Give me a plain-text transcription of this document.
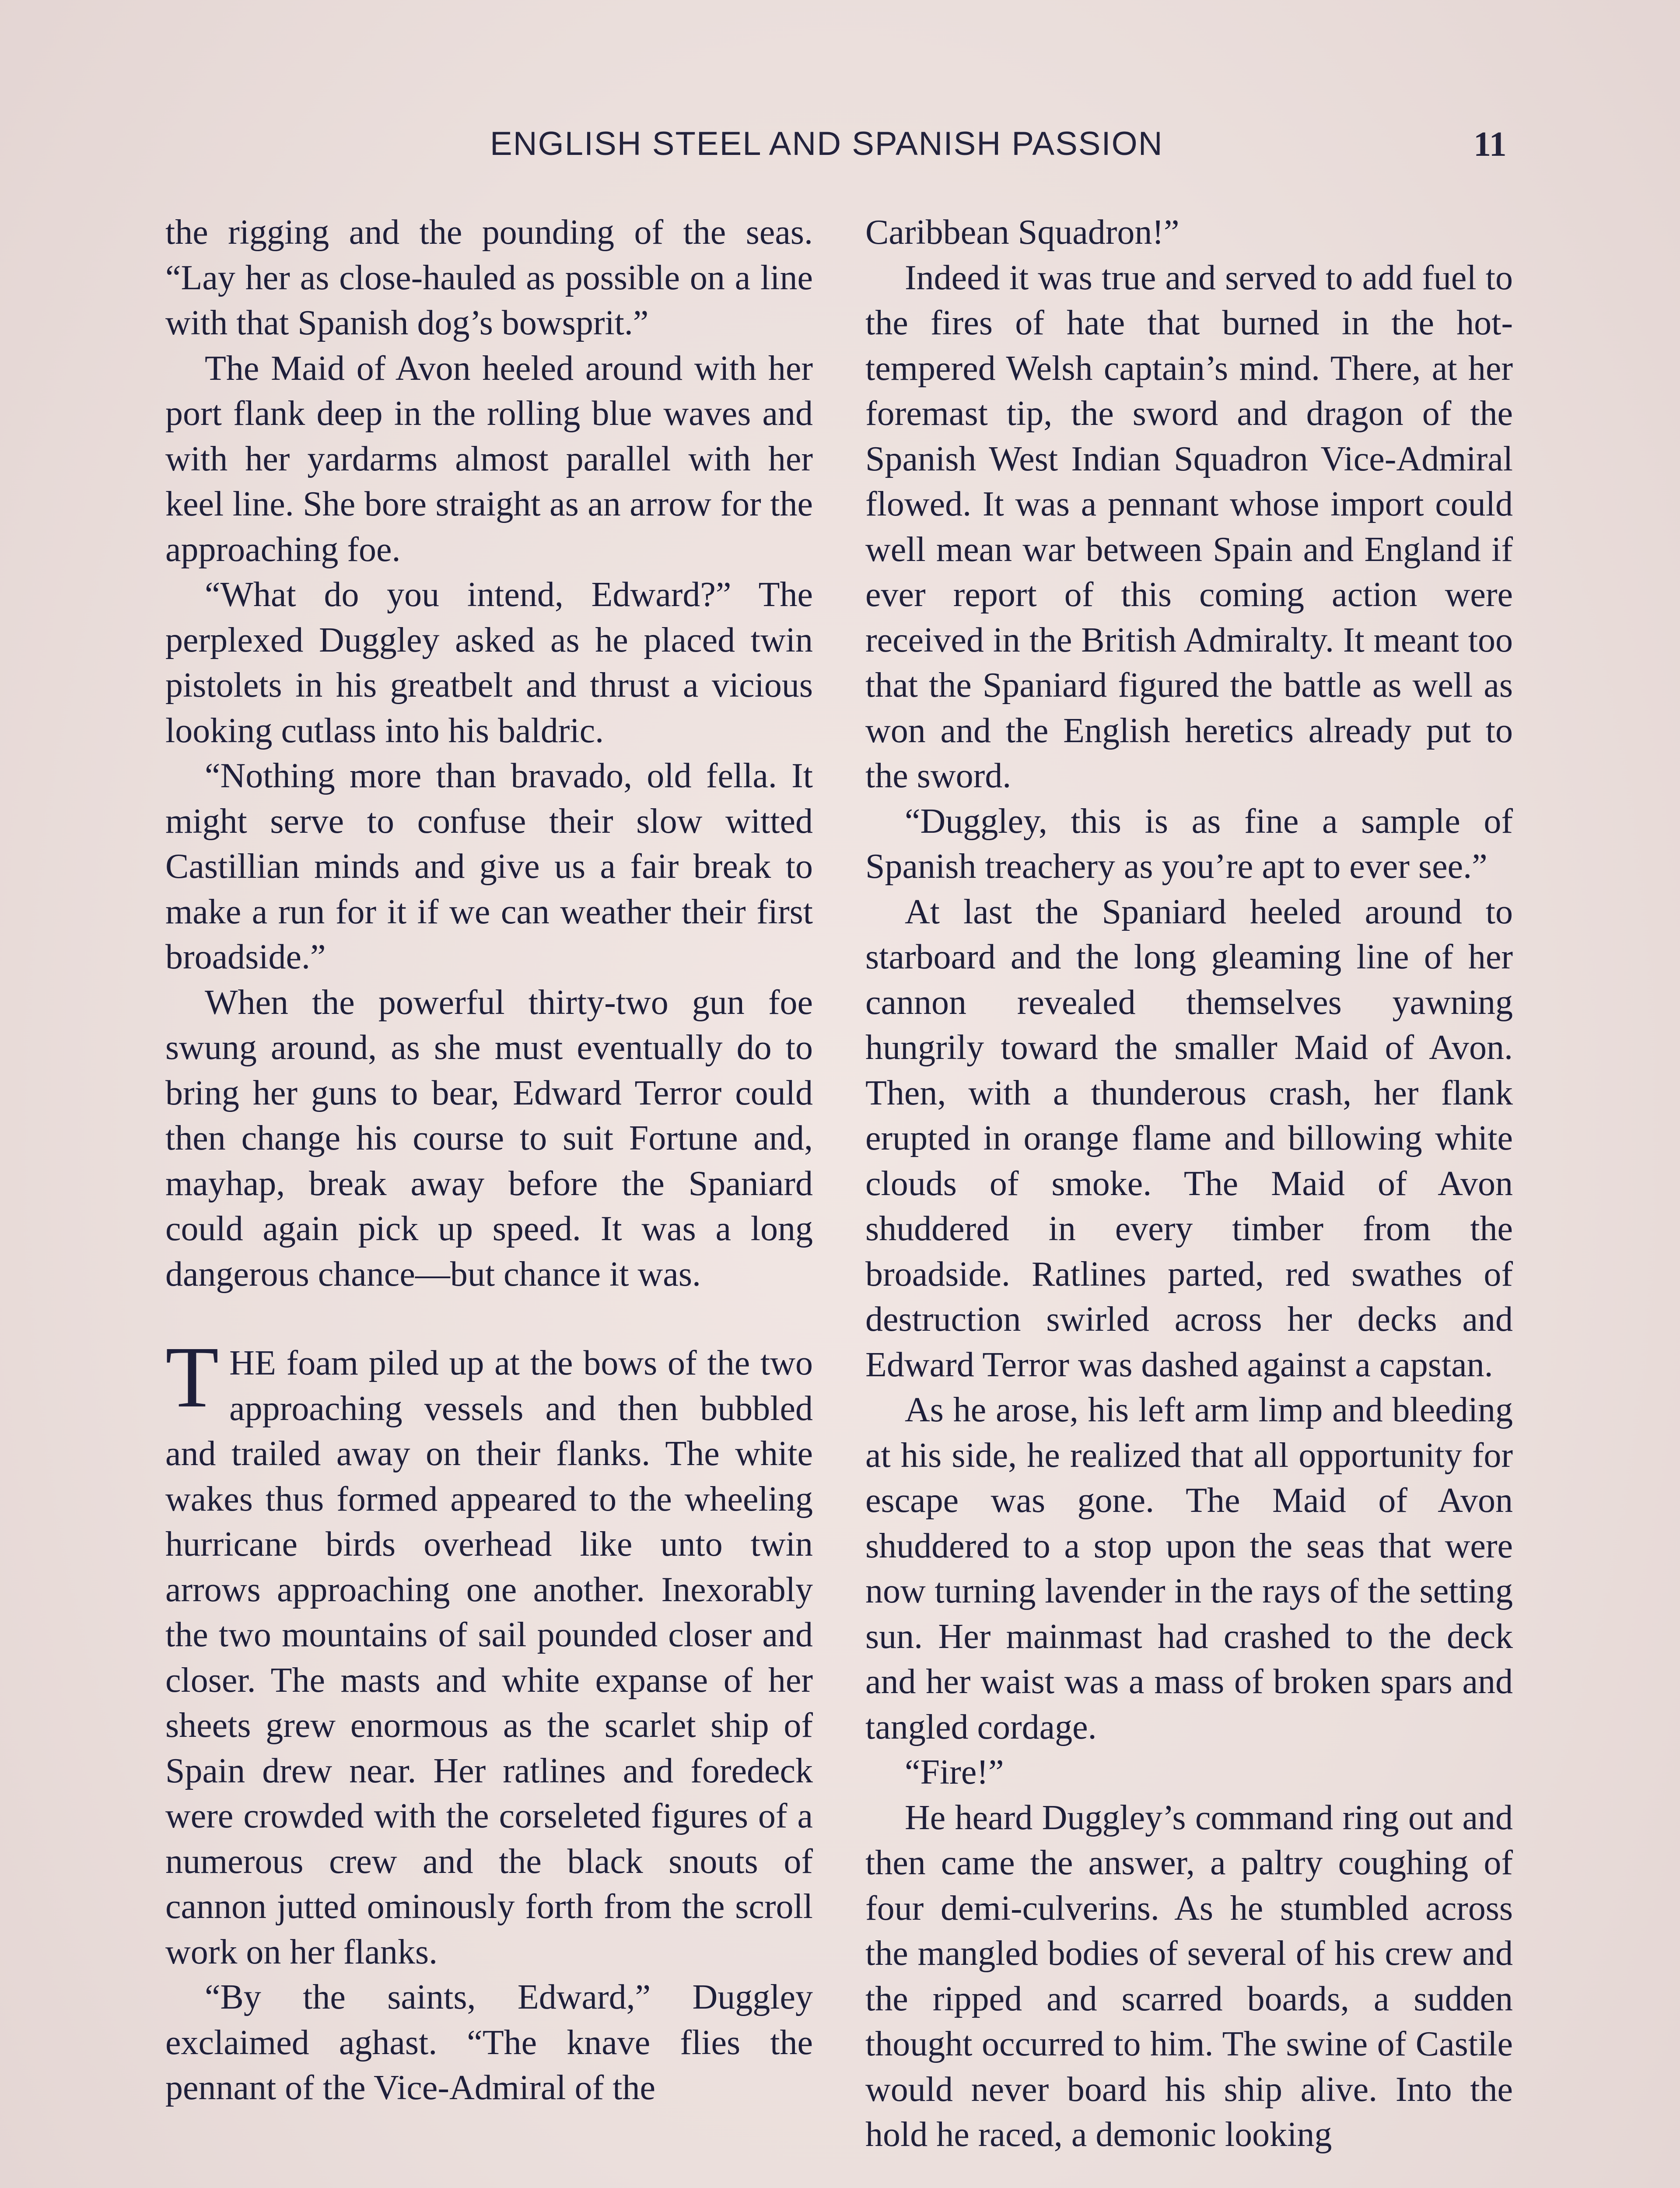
ENGLISH STEEL AND SPANISH PASSION	11

the rigging and the pounding of the seas. “Lay her as close-hauled as possible on a line with that Spanish dog’s bowsprit.”

The Maid of Avon heeled around with her port flank deep in the rolling blue waves and with her yardarms almost parallel with her keel line. She bore straight as an arrow for the approaching foe.

“What do you intend, Edward?” The perplexed Duggley asked as he placed twin pistolets in his greatbelt and thrust a vicious looking cutlass into his baldric.

“Nothing more than bravado, old fella. It might serve to confuse their slow witted Castillian minds and give us a fair break to make a run for it if we can weather their first broadside.”

When the powerful thirty-two gun foe swung around, as she must eventually do to bring her guns to bear, Edward Terror could then change his course to suit Fortune and, mayhap, break away before the Spaniard could again pick up speed. It was a long dangerous chance—but chance it was.

THE foam piled up at the bows of the two approaching vessels and then bubbled and trailed away on their flanks. The white wakes thus formed appeared to the wheeling hurricane birds overhead like unto twin arrows approaching one another. Inexorably the two mountains of sail pounded closer and closer. The masts and white expanse of her sheets grew enormous as the scarlet ship of Spain drew near. Her ratlines and foredeck were crowded with the corseleted figures of a numerous crew and the black snouts of cannon jutted ominously forth from the scroll work on her flanks.

“By the saints, Edward,” Duggley exclaimed aghast. “The knave flies the pennant of the Vice-Admiral of the

Caribbean Squadron!”

Indeed it was true and served to add fuel to the fires of hate that burned in the hot-tempered Welsh captain’s mind. There, at her foremast tip, the sword and dragon of the Spanish West Indian Squadron Vice-Admiral flowed. It was a pennant whose import could well mean war between Spain and England if ever report of this coming action were received in the British Admiralty. It meant too that the Spaniard figured the battle as well as won and the English heretics already put to the sword.

“Duggley, this is as fine a sample of Spanish treachery as you’re apt to ever see.”

At last the Spaniard heeled around to starboard and the long gleaming line of her cannon revealed themselves yawning hungrily toward the smaller Maid of Avon. Then, with a thunderous crash, her flank erupted in orange flame and billowing white clouds of smoke. The Maid of Avon shuddered in every timber from the broadside. Ratlines parted, red swathes of destruction swirled across her decks and Edward Terror was dashed against a capstan.

As he arose, his left arm limp and bleeding at his side, he realized that all opportunity for escape was gone. The Maid of Avon shuddered to a stop upon the seas that were now turning lavender in the rays of the setting sun. Her mainmast had crashed to the deck and her waist was a mass of broken spars and tangled cordage.

“Fire!”

He heard Duggley’s command ring out and then came the answer, a paltry coughing of four demi-culverins. As he stumbled across the mangled bodies of several of his crew and the ripped and scarred boards, a sudden thought occurred to him. The swine of Castile would never board his ship alive. Into the hold he raced, a demonic looking
